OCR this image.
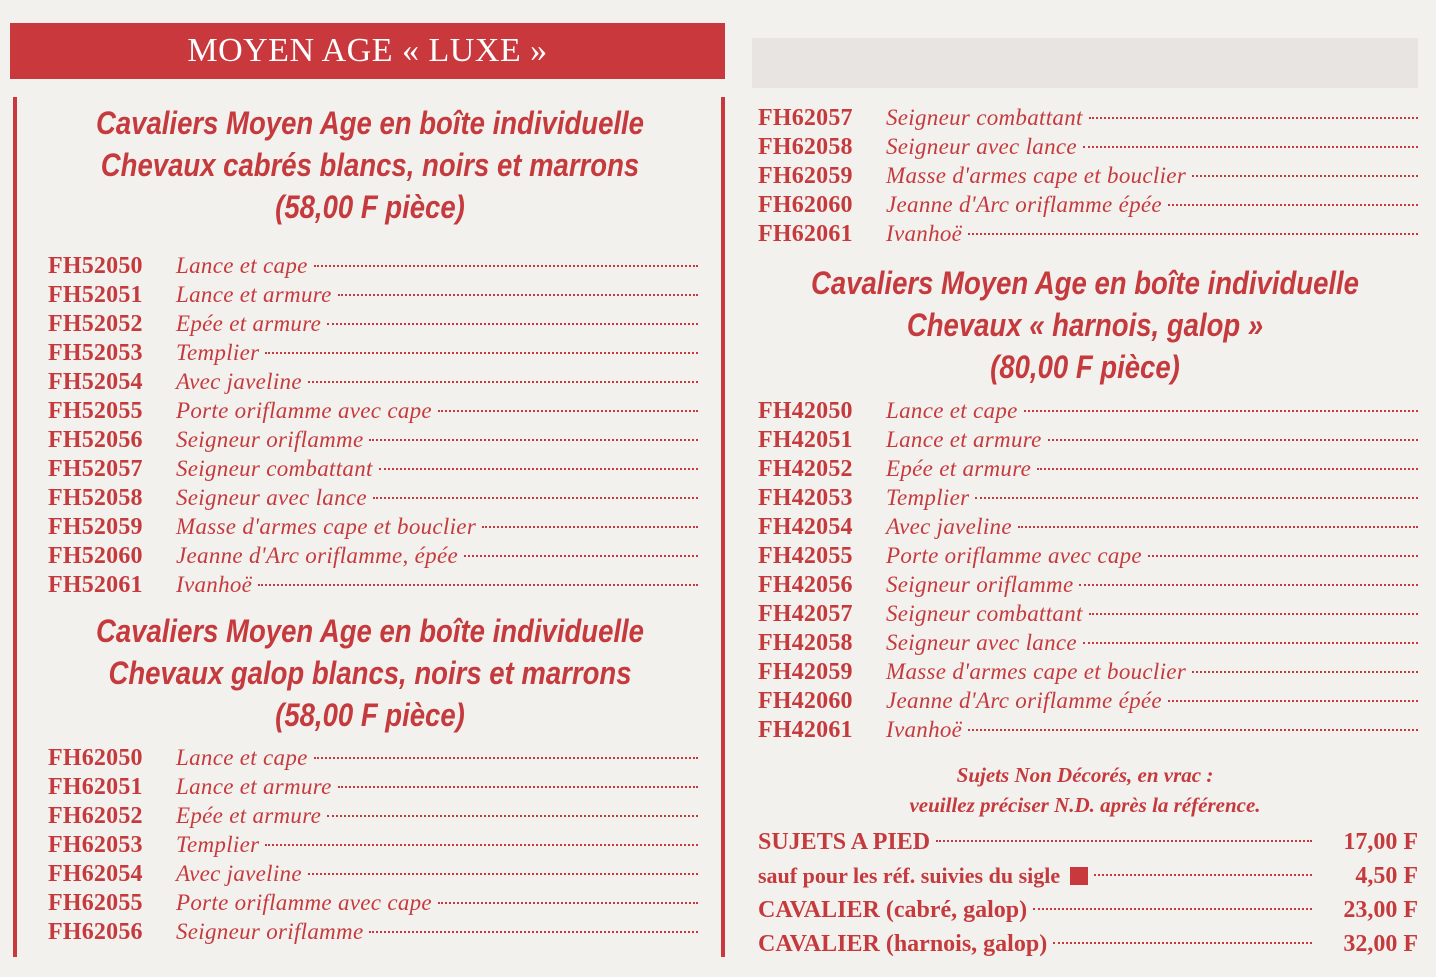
MOYEN AGE « LUXE »
Cavaliers Moyen Age en boîte individuelle
Chevaux cabrés blancs, noirs et marrons
(58,00 F pièce)
FH52050	Lance et cape
FH52051	Lance et armure
FH52052	Epée et armure
FH52053	Templier
FH52054	Avec javeline
FH52055	Porte oriflamme avec cape
FH52056	Seigneur oriflamme
FH52057	Seigneur combattant
FH52058	Seigneur avec lance
FH52059	Masse d'armes cape et bouclier
FH52060	Jeanne d'Arc oriflamme, épée
FH52061	Ivanhoë
Cavaliers Moyen Age en boîte individuelle
Chevaux galop blancs, noirs et marrons
(58,00 F pièce)
FH62050	Lance et cape
FH62051	Lance et armure
FH62052	Epée et armure
FH62053	Templier
FH62054	Avec javeline
FH62055	Porte oriflamme avec cape
FH62056	Seigneur oriflamme
FH62057	Seigneur combattant
FH62058	Seigneur avec lance
FH62059	Masse d'armes cape et bouclier
FH62060	Jeanne d'Arc oriflamme épée
FH62061	Ivanhoë
Cavaliers Moyen Age en boîte individuelle
Chevaux « harnois, galop »
(80,00 F pièce)
FH42050	Lance et cape
FH42051	Lance et armure
FH42052	Epée et armure
FH42053	Templier
FH42054	Avec javeline
FH42055	Porte oriflamme avec cape
FH42056	Seigneur oriflamme
FH42057	Seigneur combattant
FH42058	Seigneur avec lance
FH42059	Masse d'armes cape et bouclier
FH42060	Jeanne d'Arc oriflamme épée
FH42061	Ivanhoë
Sujets Non Décorés, en vrac :
veuillez préciser N.D. après la référence.
SUJETS A PIED	17,00 F
sauf pour les réf. suivies du sigle	4,50 F
CAVALIER (cabré, galop)	23,00 F
CAVALIER (harnois, galop)	32,00 F
